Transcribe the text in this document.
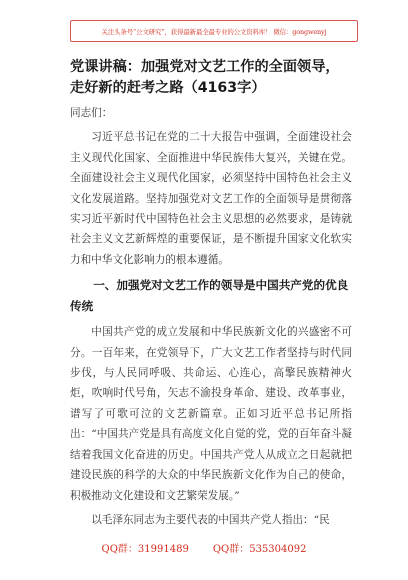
关注头条号“公文研究”，获得最新最全最专业的公文资料库！ 微信：gongwenyj
党课讲稿：加强党对文艺工作的全面领导，走好新的赶考之路（4163字）

同志们：

习近平总书记在党的二十大报告中强调，全面建设社会主义现代化国家、全面推进中华民族伟大复兴，关键在党。全面建设社会主义现代化国家，必须坚持中国特色社会主义文化发展道路。坚持加强党对文艺工作的全面领导是贯彻落实习近平新时代中国特色社会主义思想的必然要求，是铸就社会主义文艺新辉煌的重要保证，是不断提升国家文化软实力和中华文化影响力的根本遵循。

一、加强党对文艺工作的领导是中国共产党的优良传统

中国共产党的成立发展和中华民族新文化的兴盛密不可分。一百年来，在党领导下，广大文艺工作者坚持与时代同步伐，与人民同呼吸、共命运、心连心，高擎民族精神火炬，吹响时代号角，矢志不渝投身革命、建设、改革事业，谱写了可歌可泣的文艺新篇章。正如习近平总书记所指出：“中国共产党是具有高度文化自觉的党，党的百年奋斗凝结着我国文化奋进的历史。中国共产党人从成立之日起就把建设民族的科学的大众的中华民族新文化作为自己的使命，积极推动文化建设和文艺繁荣发展。”

以毛泽东同志为主要代表的中国共产党人指出：“民

QQ群：31991489 QQ群：535304092
